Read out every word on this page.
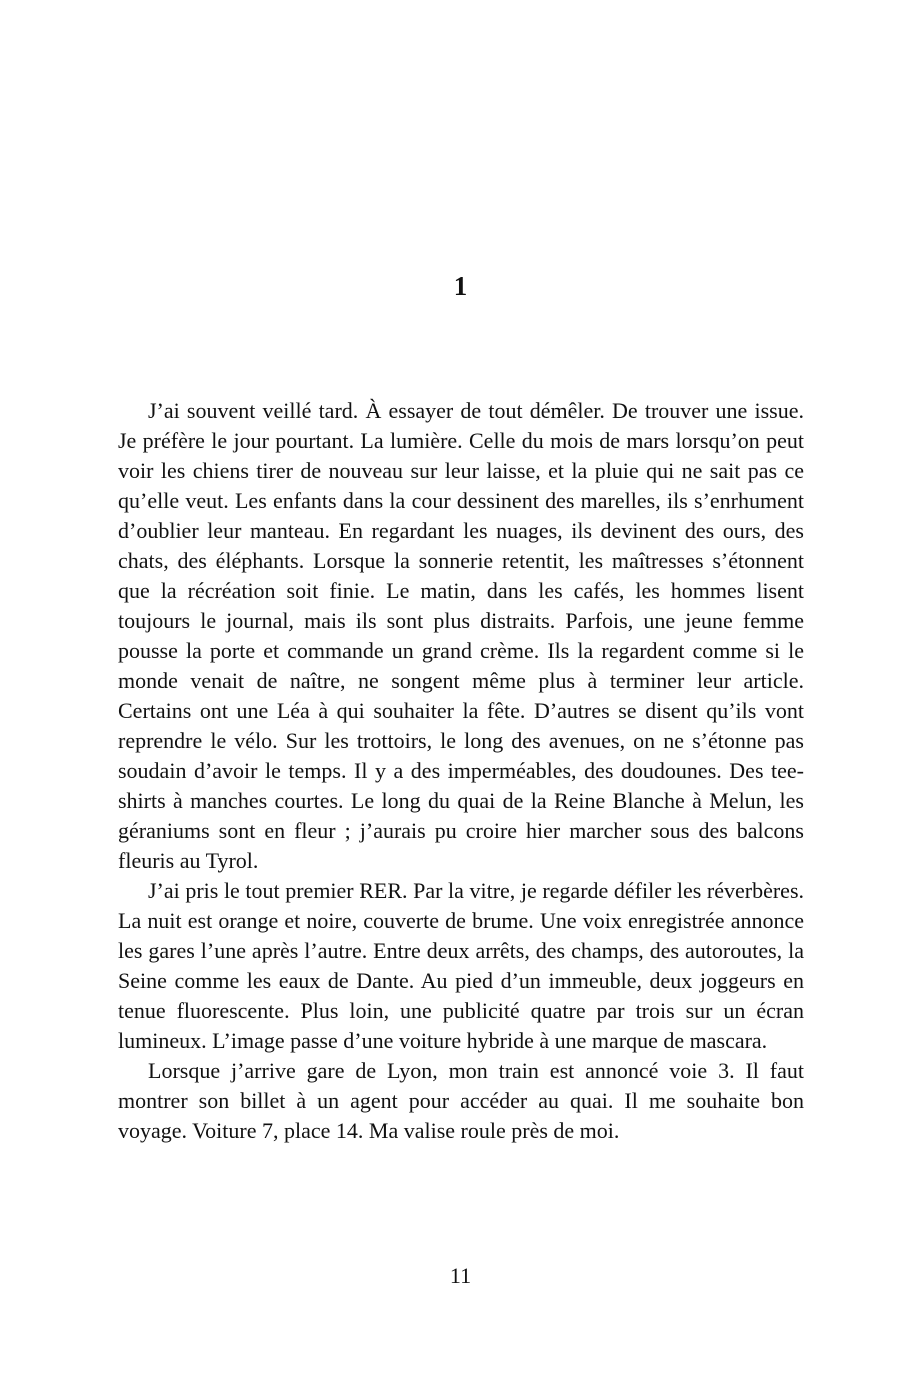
1

J’ai souvent veillé tard. À essayer de tout démêler. De trouver une issue. Je préfère le jour pourtant. La lumière. Celle du mois de mars lorsqu’on peut voir les chiens tirer de nouveau sur leur laisse, et la pluie qui ne sait pas ce qu’elle veut. Les enfants dans la cour dessinent des marelles, ils s’enrhument d’oublier leur manteau. En regardant les nuages, ils devinent des ours, des chats, des éléphants. Lorsque la sonnerie retentit, les maîtresses s’étonnent que la récréation soit finie. Le matin, dans les cafés, les hommes lisent toujours le journal, mais ils sont plus distraits. Parfois, une jeune femme pousse la porte et commande un grand crème. Ils la regardent comme si le monde venait de naître, ne songent même plus à terminer leur article. Certains ont une Léa à qui souhaiter la fête. D’autres se disent qu’ils vont reprendre le vélo. Sur les trottoirs, le long des avenues, on ne s’étonne pas soudain d’avoir le temps. Il y a des imperméables, des doudounes. Des tee-shirts à manches courtes. Le long du quai de la Reine Blanche à Melun, les géraniums sont en fleur ; j’aurais pu croire hier marcher sous des balcons fleuris au Tyrol.

J’ai pris le tout premier RER. Par la vitre, je regarde défiler les réverbères. La nuit est orange et noire, couverte de brume. Une voix enregistrée annonce les gares l’une après l’autre. Entre deux arrêts, des champs, des autoroutes, la Seine comme les eaux de Dante. Au pied d’un immeuble, deux joggeurs en tenue fluorescente. Plus loin, une publicité quatre par trois sur un écran lumineux. L’image passe d’une voiture hybride à une marque de mascara.

Lorsque j’arrive gare de Lyon, mon train est annoncé voie 3. Il faut montrer son billet à un agent pour accéder au quai. Il me souhaite bon voyage. Voiture 7, place 14. Ma valise roule près de moi.

11
